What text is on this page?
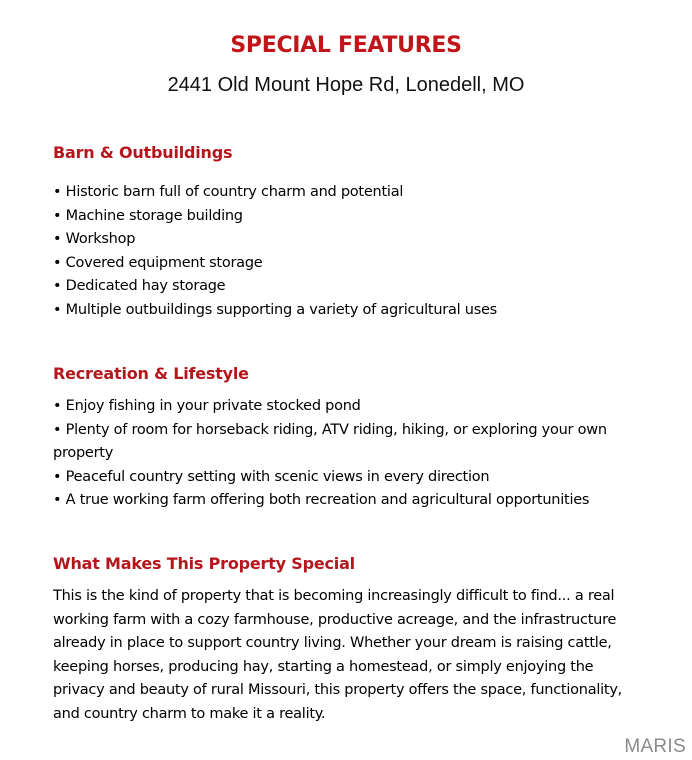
SPECIAL FEATURES
2441 Old Mount Hope Rd, Lonedell, MO
Barn & Outbuildings
• Historic barn full of country charm and potential
• Machine storage building
• Workshop
• Covered equipment storage
• Dedicated hay storage
• Multiple outbuildings supporting a variety of agricultural uses
Recreation & Lifestyle
• Enjoy fishing in your private stocked pond
• Plenty of room for horseback riding, ATV riding, hiking, or exploring your own property
• Peaceful country setting with scenic views in every direction
• A true working farm offering both recreation and agricultural opportunities
What Makes This Property Special

This is the kind of property that is becoming increasingly difficult to find... a real working farm with a cozy farmhouse, productive acreage, and the infrastructure already in place to support country living. Whether your dream is raising cattle, keeping horses, producing hay, starting a homestead, or simply enjoying the privacy and beauty of rural Missouri, this property offers the space, functionality, and country charm to make it a reality.

MARIS
